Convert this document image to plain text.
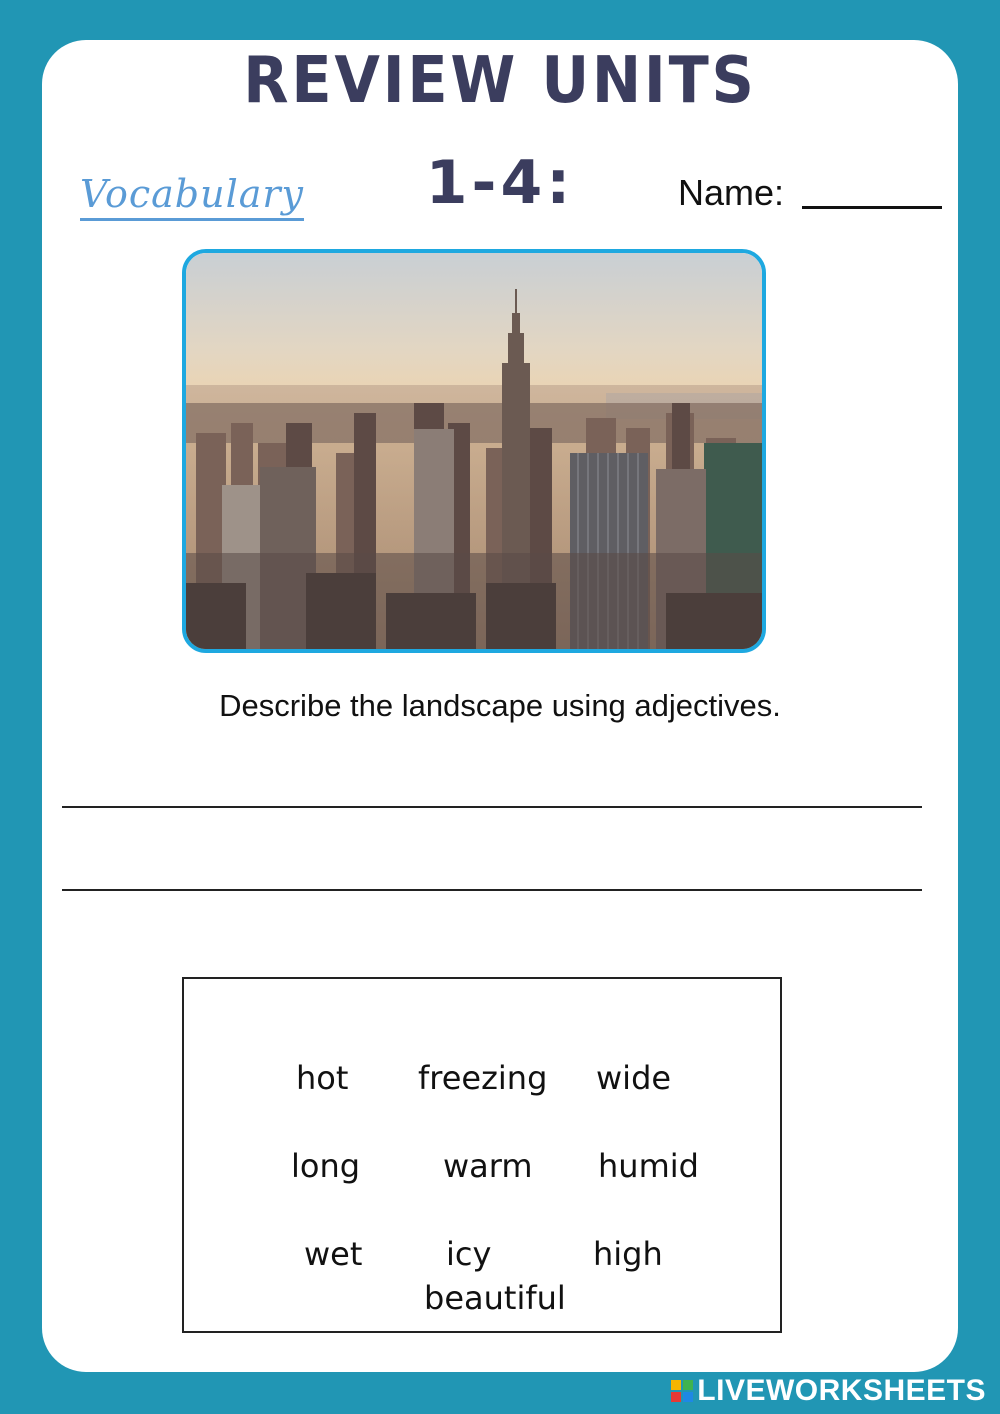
REVIEW UNITS
Vocabulary	1-4:	Name:
Describe the landscape using adjectives.
hot freezing wide
long	warm humid
wet	icy	high
beautiful
LIVEWORKSHEETS
